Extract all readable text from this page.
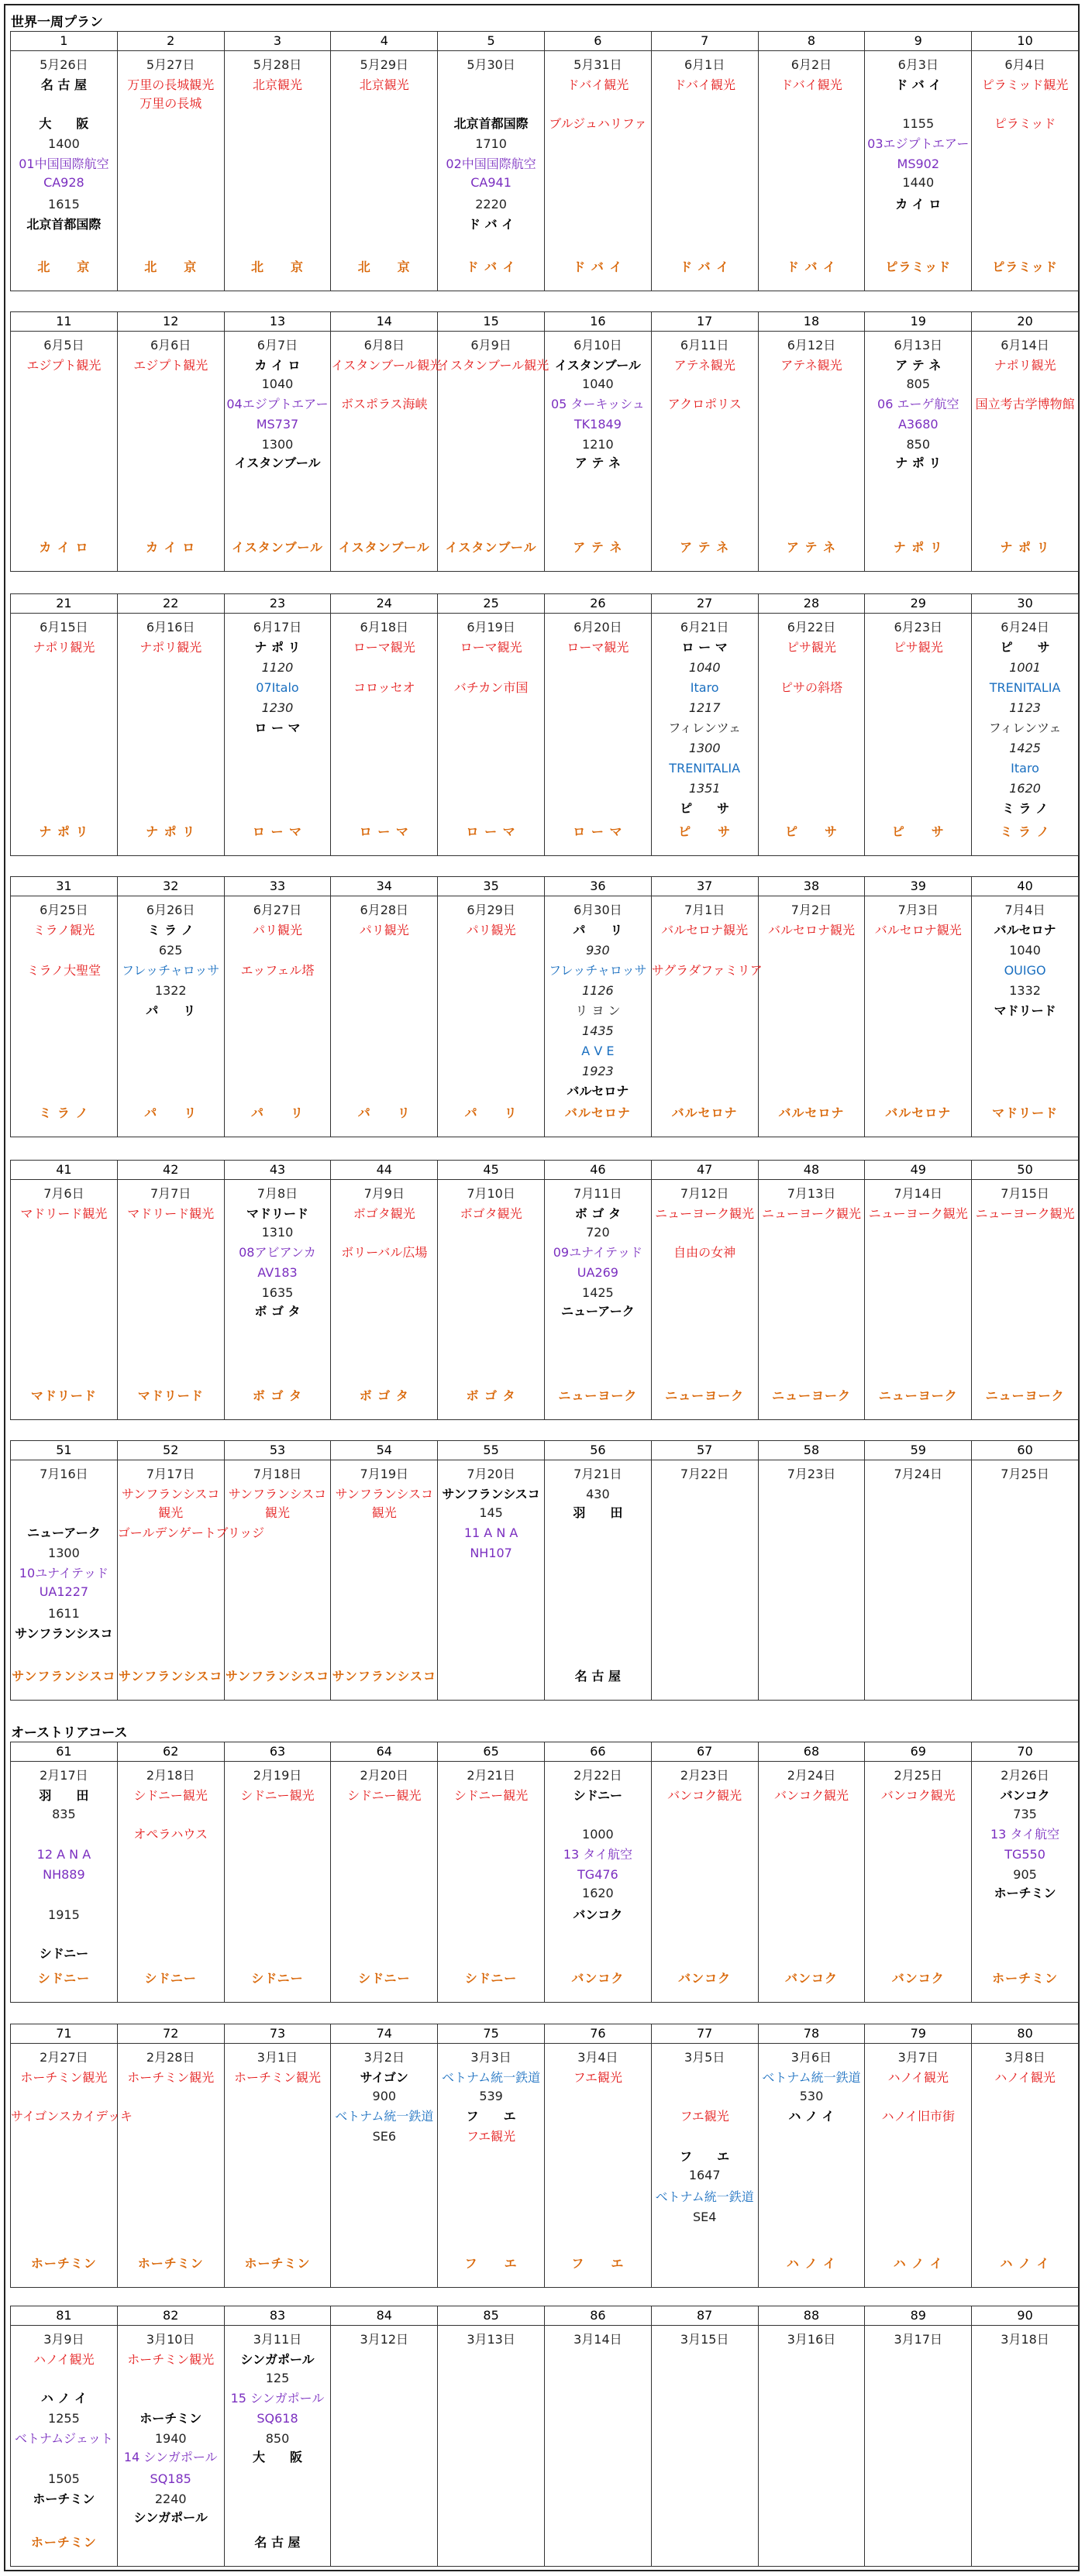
世界一周プラン
オーストリアコース
1
5月26日
名 古 屋
大　　阪
1400
01中国国際航空
CA928
1615
北京首都国際
北　　京
2
5月27日
万里の長城観光
万里の長城
北　　京
3
5月28日
北京観光
北　　京
4
5月29日
北京観光
北　　京
5
5月30日
北京首都国際
1710
02中国国際航空
CA941
2220
ド バ イ
ド バ イ
6
5月31日
ドバイ観光
ブルジュハリファ
ド バ イ
7
6月1日
ドバイ観光
ド バ イ
8
6月2日
ドバイ観光
ド バ イ
9
6月3日
ド バ イ
1155
03エジプトエアー
MS902
1440
カ イ ロ
ピラミッド
10
6月4日
ピラミッド観光
ピラミッド
ピラミッド
11
6月5日
エジプト観光
カ イ ロ
12
6月6日
エジプト観光
カ イ ロ
13
6月7日
カ イ ロ
1040
04エジプトエアー
MS737
1300
イスタンブール
イスタンブール
14
6月8日
イスタンブール観光
ボスポラス海峡
イスタンブール
15
6月9日
イスタンブール観光
イスタンブール
16
6月10日
イスタンブール
1040
05 ターキッシュ
TK1849
1210
ア テ ネ
ア テ ネ
17
6月11日
アテネ観光
アクロポリス
ア テ ネ
18
6月12日
アテネ観光
ア テ ネ
19
6月13日
ア テ ネ
805
06 エーゲ航空
A3680
850
ナ ポ リ
ナ ポ リ
20
6月14日
ナポリ観光
国立考古学博物館
ナ ポ リ
21
6月15日
ナポリ観光
ナ ポ リ
22
6月16日
ナポリ観光
ナ ポ リ
23
6月17日
ナ ポ リ
1120
07Italo
1230
ロ ー マ
ロ ー マ
24
6月18日
ローマ観光
コロッセオ
ロ ー マ
25
6月19日
ローマ観光
バチカン市国
ロ ー マ
26
6月20日
ローマ観光
ロ ー マ
27
6月21日
ロ ー マ
1040
Itaro
1217
フィレンツェ
1300
TRENITALIA
1351
ピ　　サ
ピ　　サ
28
6月22日
ピサ観光
ピサの斜塔
ピ　　サ
29
6月23日
ピサ観光
ピ　　サ
30
6月24日
ピ　　サ
1001
TRENITALIA
1123
フィレンツェ
1425
Itaro
1620
ミ ラ ノ
ミ ラ ノ
31
6月25日
ミラノ観光
ミラノ大聖堂
ミ ラ ノ
32
6月26日
ミ ラ ノ
625
フレッチャロッサ
1322
パ　　リ
パ　　リ
33
6月27日
パリ観光
エッフェル塔
パ　　リ
34
6月28日
パリ観光
パ　　リ
35
6月29日
パリ観光
パ　　リ
36
6月30日
パ　　リ
930
フレッチャロッサ
1126
リ ヨ ン
1435
A V E
1923
バルセロナ
バルセロナ
37
7月1日
バルセロナ観光
サグラダファミリア
バルセロナ
38
7月2日
バルセロナ観光
バルセロナ
39
7月3日
バルセロナ観光
バルセロナ
40
7月4日
バルセロナ
1040
OUIGO
1332
マドリード
マドリード
41
7月6日
マドリード観光
マドリード
42
7月7日
マドリード観光
マドリード
43
7月8日
マドリード
1310
08アビアンカ
AV183
1635
ボ ゴ タ
ボ ゴ タ
44
7月9日
ボゴタ観光
ボリーバル広場
ボ ゴ タ
45
7月10日
ボゴタ観光
ボ ゴ タ
46
7月11日
ボ ゴ タ
720
09ユナイテッド
UA269
1425
ニューアーク
ニューヨーク
47
7月12日
ニューヨーク観光
自由の女神
ニューヨーク
48
7月13日
ニューヨーク観光
ニューヨーク
49
7月14日
ニューヨーク観光
ニューヨーク
50
7月15日
ニューヨーク観光
ニューヨーク
51
7月16日
ニューアーク
1300
10ユナイテッド
UA1227
1611
サンフランシスコ
サンフランシスコ
52
7月17日
サンフランシスコ
観光
ゴールデンゲートブリッジ
サンフランシスコ
53
7月18日
サンフランシスコ
観光
サンフランシスコ
54
7月19日
サンフランシスコ
観光
サンフランシスコ
55
7月20日
サンフランシスコ
145
11 A N A
NH107
56
7月21日
430
羽　　田
名 古 屋
57
7月22日
58
7月23日
59
7月24日
60
7月25日
61
2月17日
羽　　田
835
12 A N A
NH889
1915
シドニー
シドニー
62
2月18日
シドニー観光
オペラハウス
シドニー
63
2月19日
シドニー観光
シドニー
64
2月20日
シドニー観光
シドニー
65
2月21日
シドニー観光
シドニー
66
2月22日
シドニー
1000
13 タイ航空
TG476
1620
バンコク
バンコク
67
2月23日
バンコク観光
バンコク
68
2月24日
バンコク観光
バンコク
69
2月25日
バンコク観光
バンコク
70
2月26日
バンコク
735
13 タイ航空
TG550
905
ホーチミン
ホーチミン
71
2月27日
ホーチミン観光
サイゴンスカイデッキ
ホーチミン
72
2月28日
ホーチミン観光
ホーチミン
73
3月1日
ホーチミン観光
ホーチミン
74
3月2日
サイゴン
900
ベトナム統一鉄道
SE6
75
3月3日
ベトナム統一鉄道
539
フ　　エ
フエ観光
フ　　エ
76
3月4日
フエ観光
フ　　エ
77
3月5日
フエ観光
フ　　エ
1647
ベトナム統一鉄道
SE4
78
3月6日
ベトナム統一鉄道
530
ハ ノ イ
ハ ノ イ
79
3月7日
ハノイ観光
ハノイ旧市街
ハ ノ イ
80
3月8日
ハノイ観光
ハ ノ イ
81
3月9日
ハノイ観光
ハ ノ イ
1255
ベトナムジェット
1505
ホーチミン
ホーチミン
82
3月10日
ホーチミン観光
ホーチミン
1940
14 シンガポール
SQ185
2240
シンガポール
83
3月11日
シンガポール
125
15 シンガポール
SQ618
850
大　　阪
名 古 屋
84
3月12日
85
3月13日
86
3月14日
87
3月15日
88
3月16日
89
3月17日
90
3月18日
